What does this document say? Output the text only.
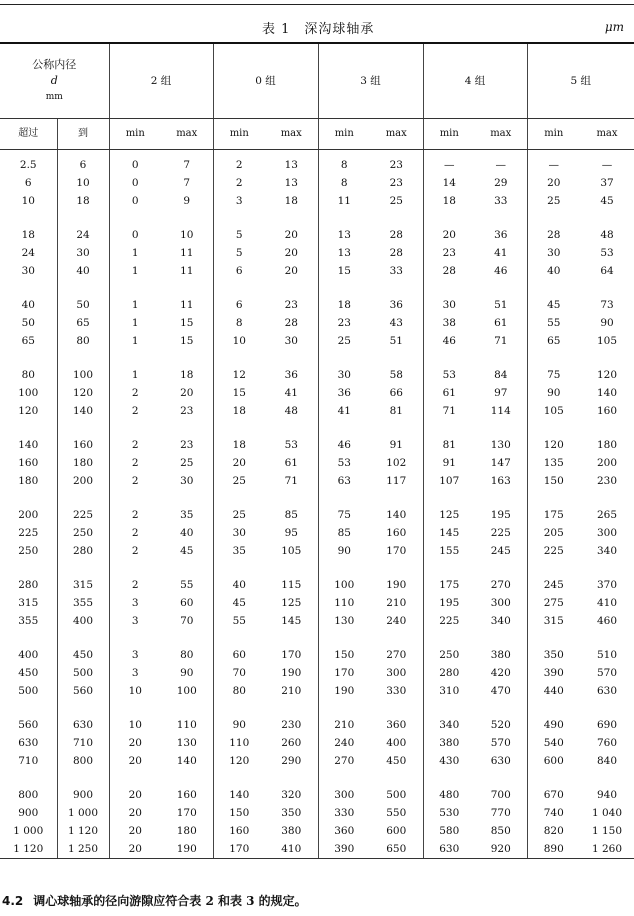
表 1　深沟球轴承	μm
公称内径
d
mm		2 组		0 组		3 组		4 组		5 组	
超过	到	min	max	min	max	min	max	min	max	min	max
2.5	6	0	7	2	13	8	23	—	—	—	—
6	10	0	7	2	13	8	23	14	29	20	37
10	18	0	9	3	18	11	25	18	33	25	45

18	24	0	10	5	20	13	28	20	36	28	48
24	30	1	11	5	20	13	28	23	41	30	53
30	40	1	11	6	20	15	33	28	46	40	64

40	50	1	11	6	23	18	36	30	51	45	73
50	65	1	15	8	28	23	43	38	61	55	90
65	80	1	15	10	30	25	51	46	71	65	105

80	100	1	18	12	36	30	58	53	84	75	120
100	120	2	20	15	41	36	66	61	97	90	140
120	140	2	23	18	48	41	81	71	114	105	160

140	160	2	23	18	53	46	91	81	130	120	180
160	180	2	25	20	61	53	102	91	147	135	200
180	200	2	30	25	71	63	117	107	163	150	230

200	225	2	35	25	85	75	140	125	195	175	265
225	250	2	40	30	95	85	160	145	225	205	300
250	280	2	45	35	105	90	170	155	245	225	340

280	315	2	55	40	115	100	190	175	270	245	370
315	355	3	60	45	125	110	210	195	300	275	410
355	400	3	70	55	145	130	240	225	340	315	460

400	450	3	80	60	170	150	270	250	380	350	510
450	500	3	90	70	190	170	300	280	420	390	570
500	560	10	100	80	210	190	330	310	470	440	630

560	630	10	110	90	230	210	360	340	520	490	690
630	710	20	130	110	260	240	400	380	570	540	760
710	800	20	140	120	290	270	450	430	630	600	840

800	900	20	160	140	320	300	500	480	700	670	940
900	1 000	20	170	150	350	330	550	530	770	740	1 040
1 000	1 120	20	180	160	380	360	600	580	850	820	1 150
1 120	1 250	20	190	170	410	390	650	630	920	890	1 260
4.2 调心球轴承的径向游隙应符合表 2 和表 3 的规定。
